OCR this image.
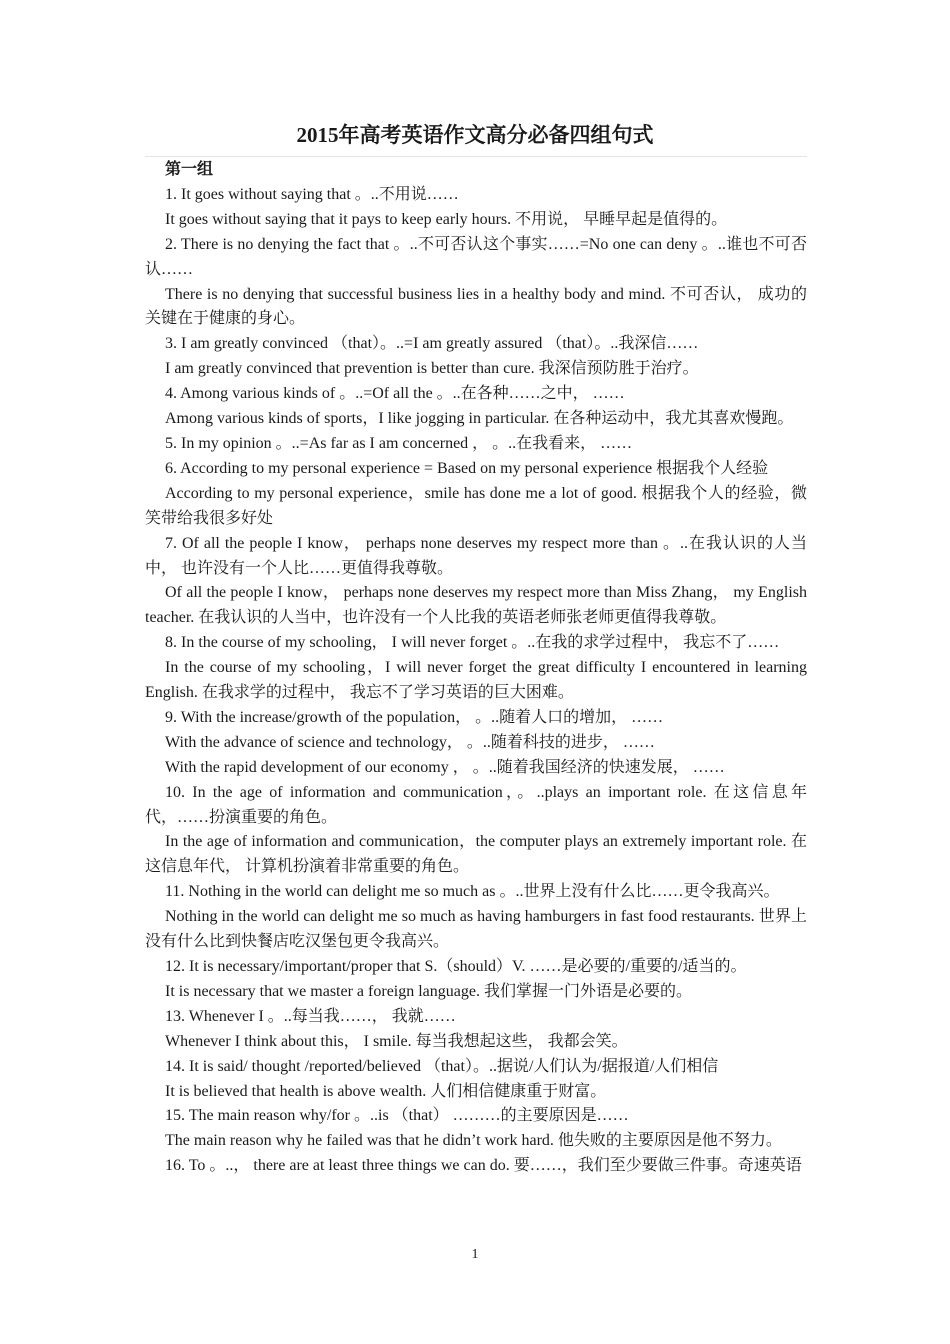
2015年高考英语作文高分必备四组句式

第一组

1. It goes without saying that 。..不用说……

It goes without saying that it pays to keep early hours. 不用说， 早睡早起是值得的。

2. There is no denying the fact that 。..不可否认这个事实……=No one can deny 。..谁也不可否认……

There is no denying that successful business lies in a healthy body and mind. 不可否认， 成功的关键在于健康的身心。

3. I am greatly convinced （that）。..=I am greatly assured （that）。..我深信……

I am greatly convinced that prevention is better than cure. 我深信预防胜于治疗。

4. Among various kinds of 。..=Of all the 。..在各种……之中， ……

Among various kinds of sports，I like jogging in particular. 在各种运动中，我尤其喜欢慢跑。

5. In my opinion 。..=As far as I am concerned ， 。..在我看来， ……

6. According to my personal experience = Based on my personal experience 根据我个人经验

According to my personal experience，smile has done me a lot of good. 根据我个人的经验，微笑带给我很多好处

7. Of all the people I know， perhaps none deserves my respect more than 。..在我认识的人当中， 也许没有一个人比……更值得我尊敬。

Of all the people I know， perhaps none deserves my respect more than Miss Zhang， my English teacher. 在我认识的人当中，也许没有一个人比我的英语老师张老师更值得我尊敬。

8. In the course of my schooling， I will never forget 。..在我的求学过程中， 我忘不了……

In the course of my schooling，I will never forget the great difficulty I encountered in learning English. 在我求学的过程中， 我忘不了学习英语的巨大困难。

9. With the increase/growth of the population， 。..随着人口的增加， ……

With the advance of science and technology， 。..随着科技的进步， ……

With the rapid development of our economy ， 。..随着我国经济的快速发展， ……

10. In the age of information and communication，。..plays an important role. 在这信息年代，……扮演重要的角色。

In the age of information and communication，the computer plays an extremely important role. 在这信息年代， 计算机扮演着非常重要的角色。

11. Nothing in the world can delight me so much as 。..世界上没有什么比……更令我高兴。

Nothing in the world can delight me so much as having hamburgers in fast food restaurants. 世界上没有什么比到快餐店吃汉堡包更令我高兴。

12. It is necessary/important/proper that S.（should）V. ……是必要的/重要的/适当的。

It is necessary that we master a foreign language. 我们掌握一门外语是必要的。

13. Whenever I 。..每当我……， 我就……

Whenever I think about this， I smile. 每当我想起这些， 我都会笑。

14. It is said/ thought /reported/believed （that）。..据说/人们认为/据报道/人们相信

It is believed that health is above wealth. 人们相信健康重于财富。

15. The main reason why/for 。..is （that） ………的主要原因是……

The main reason why he failed was that he didn’t work hard. 他失败的主要原因是他不努力。

16. To 。..， there are at least three things we can do. 要……，我们至少要做三件事。奇速英语

1
